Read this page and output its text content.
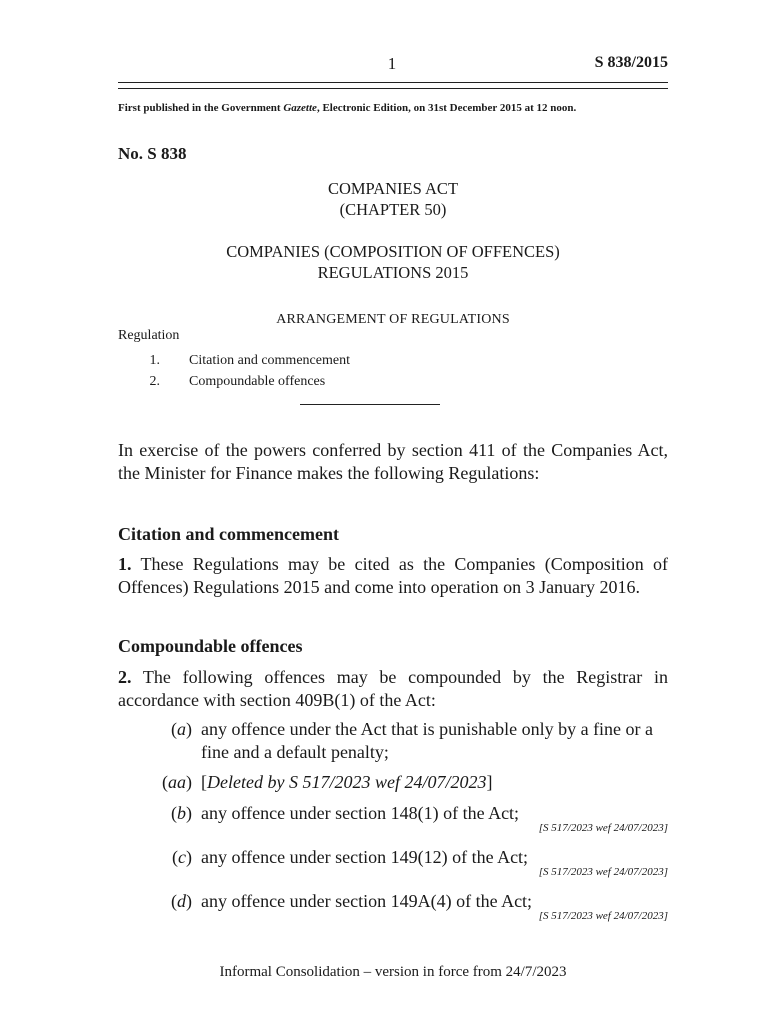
1	S 838/2015
First published in the Government Gazette, Electronic Edition, on 31st December 2015 at 12 noon.
No. S 838
COMPANIES ACT
(CHAPTER 50)
COMPANIES (COMPOSITION OF OFFENCES)
REGULATIONS 2015
ARRANGEMENT OF REGULATIONS
Regulation
1.	Citation and commencement
2.	Compoundable offences
In exercise of the powers conferred by section 411 of the Companies Act, the Minister for Finance makes the following Regulations:
Citation and commencement
1. These Regulations may be cited as the Companies (Composition of Offences) Regulations 2015 and come into operation on 3 January 2016.
Compoundable offences
2. The following offences may be compounded by the Registrar in accordance with section 409B(1) of the Act:
(a) any offence under the Act that is punishable only by a fine or a fine and a default penalty;
(aa) [Deleted by S 517/2023 wef 24/07/2023]
(b) any offence under section 148(1) of the Act;
[S 517/2023 wef 24/07/2023]
(c) any offence under section 149(12) of the Act;
[S 517/2023 wef 24/07/2023]
(d) any offence under section 149A(4) of the Act;
[S 517/2023 wef 24/07/2023]
Informal Consolidation – version in force from 24/7/2023
